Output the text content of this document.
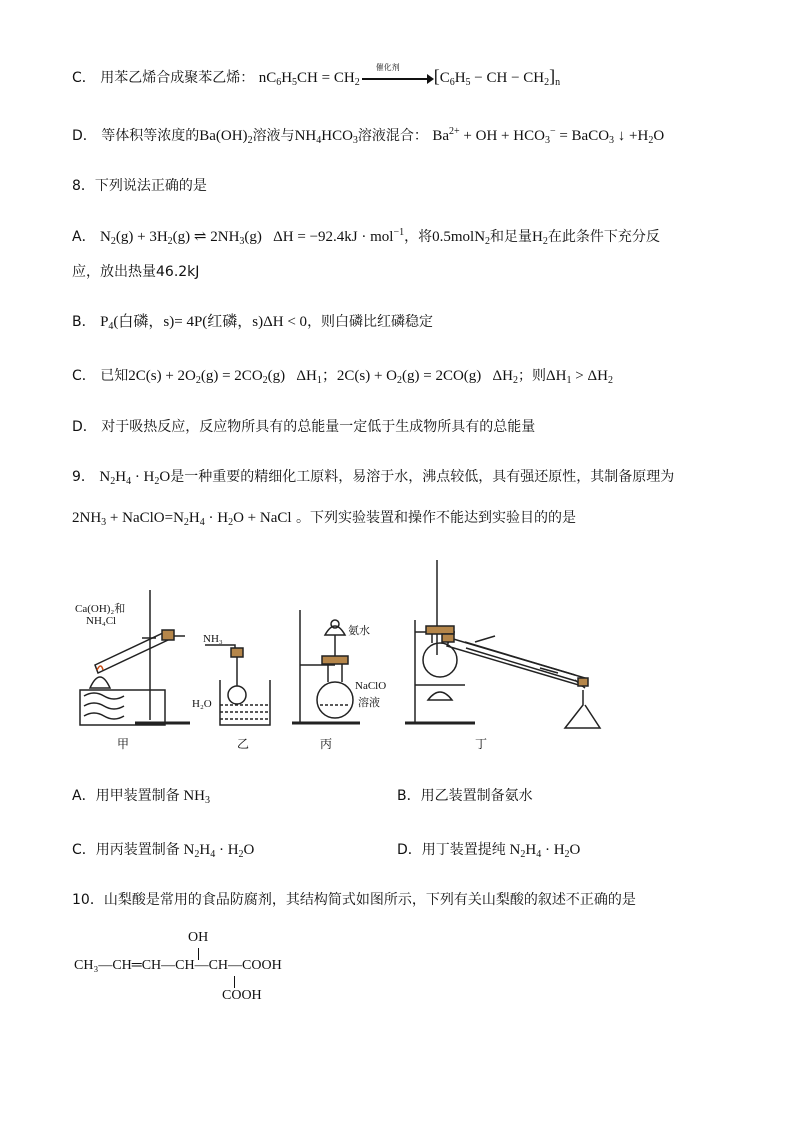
C． 用苯乙烯合成聚苯乙烯： $nC_6H_5CH = CH_2$
催化剂 [$C_6H_5$ − CH − $CH_2]_n$
D． 等体积等浓度的$Ba(OH)_2$溶液与$NH_4HCO_3$溶液混合： $Ba^{2+}$ + OH + $HCO_3^-$ = BaCO$_3$ ↓ $+H_2O$
8．下列说法正确的是
A． $N_2(g) + 3H_2(g)$ ⇌ $2NH_3(g) \Delta H = -92.4kJ \cdot mol^{-1}$，将0.5molN$_2$和足量$H_2$在此条件下充分反
应，放出热量46.2kJ
B． $P_4$(白磷，s)= 4P(红磷，s)ΔH < 0，则白磷比红磷稳定
C． 已知$2C(s) + 2O_2(g) = 2CO_2(g)$   $\Delta H_1$；$2C(s) + O_2(g) = 2CO(g)$   $\Delta H_2$；则$\Delta H_1 > \Delta H_2$
D． 对于吸热反应，反应物所具有的总能量一定低于生成物所具有的总能量
9． $N_2H_4 \cdot H_2O$是一种重要的精细化工原料，易溶于水，沸点较低，具有强还原性，其制备原理为
$2NH_3$ + $NaClO=N_2H_4 \cdot H_2O$ + NaCl 。下列实验装置和操作不能达到实验目的的是
Ca(OH)₂和
NH₄Cl
NH₃
H₂O
氨水
NaClO
溶液
甲	乙	丙	丁
A．用甲装置制备 $NH_3$	B．用乙装置制备氨水
C．用丙装置制备 $N_2H_4 \cdot H_2O$	D．用丁装置提纯 $N_2H_4 \cdot H_2O$
10．山梨酸是常用的食品防腐剂，其结构简式如图所示，下列有关山梨酸的叙述不正确的是
OH
CH₃—CH═CH—CH—CH—COOH
COOH
